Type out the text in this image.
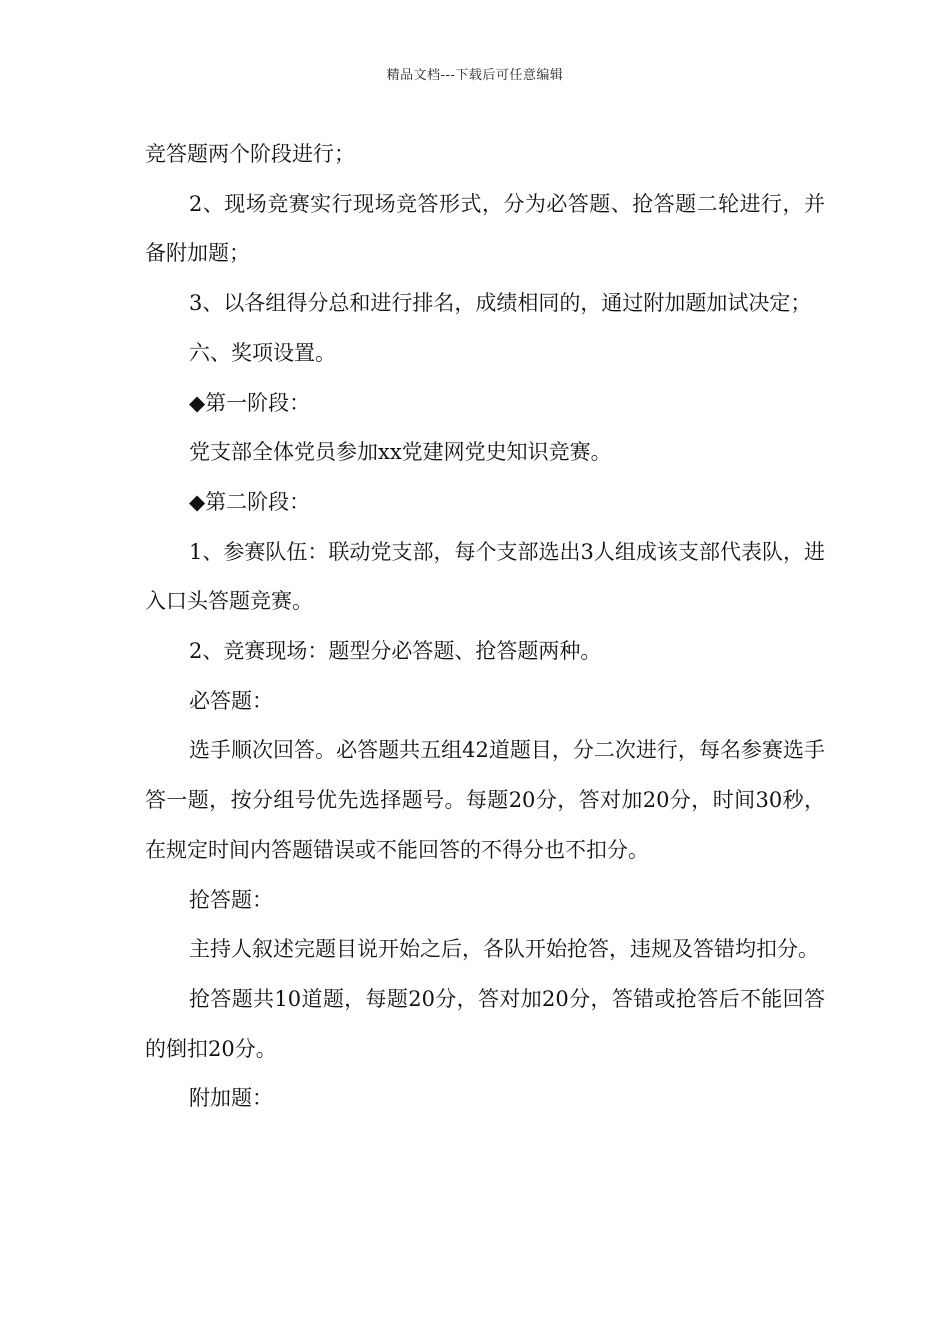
精品文档---下载后可任意编辑

竞答题两个阶段进行；

2、现场竞赛实行现场竞答形式，分为必答题、抢答题二轮进行，并备附加题；

3、以各组得分总和进行排名，成绩相同的，通过附加题加试决定；

六、奖项设置。

◆第一阶段：

党支部全体党员参加xx党建网党史知识竞赛。

◆第二阶段：

1、参赛队伍：联动党支部，每个支部选出3人组成该支部代表队，进入口头答题竞赛。

2、竞赛现场：题型分必答题、抢答题两种。

必答题：

选手顺次回答。必答题共五组42道题目，分二次进行，每名参赛选手答一题，按分组号优先选择题号。每题20分，答对加20分，时间30秒，在规定时间内答题错误或不能回答的不得分也不扣分。

抢答题：

主持人叙述完题目说开始之后，各队开始抢答，违规及答错均扣分。

抢答题共10道题，每题20分，答对加20分，答错或抢答后不能回答的倒扣20分。

附加题：
